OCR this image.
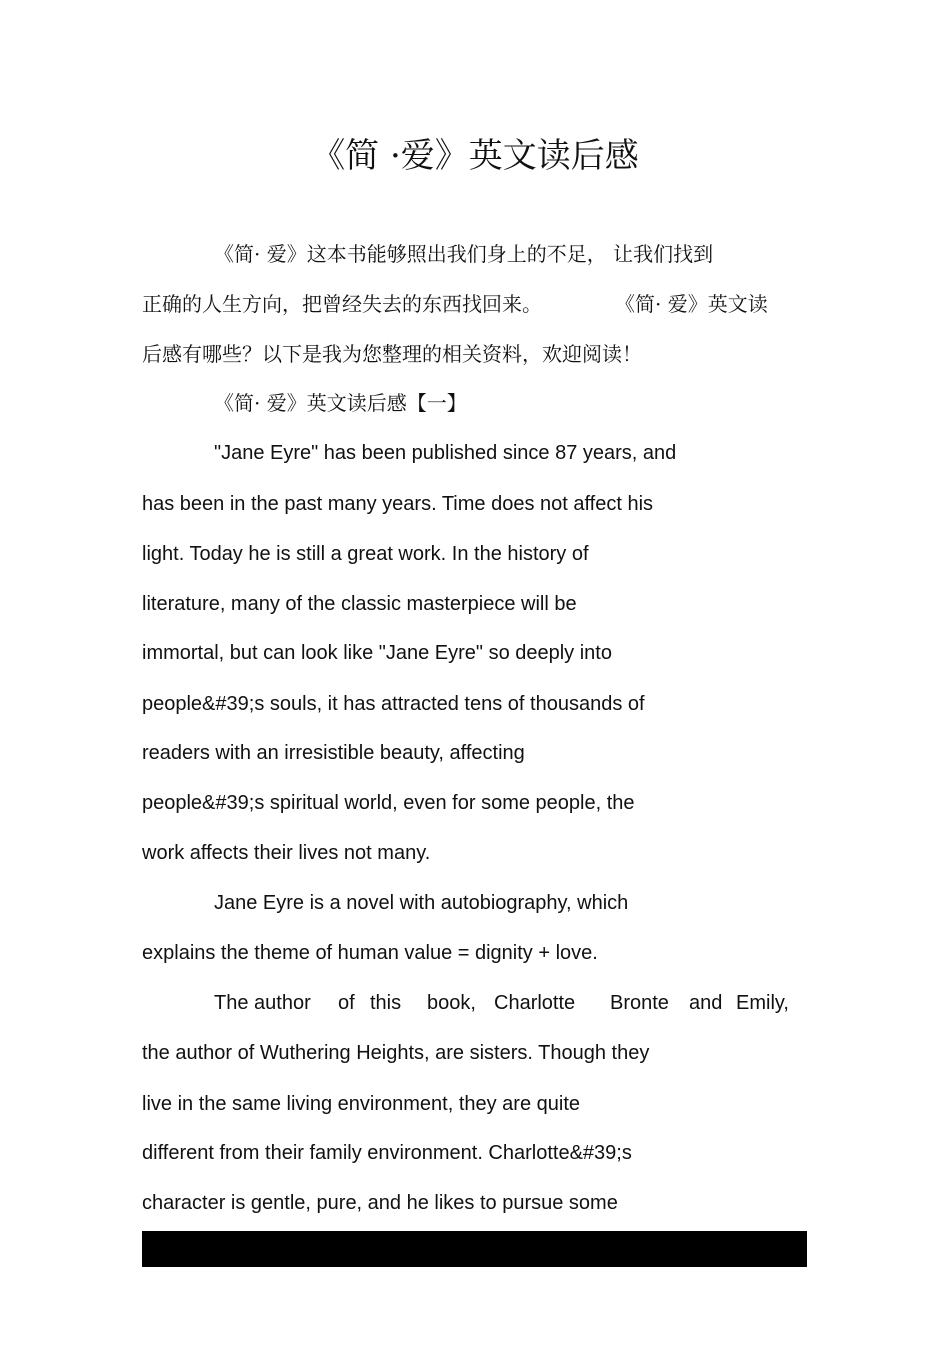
《简 ·爱》英文读后感
《简· 爱》这本书能够照出我们身上的不足， 让我们找到
正确的人生方向，把曾经失去的东西找回来。	《简· 爱》英文读
后感有哪些？以下是我为您整理的相关资料，欢迎阅读！
《简· 爱》英文读后感【一】
"Jane Eyre" has been published since 87 years, and
has been in the past many years. Time does not affect his
light. Today he is still a great work. In the history of
literature, many of the classic masterpiece will be
immortal, but can look like "Jane Eyre" so deeply into
people&#39;s souls, it has attracted tens of thousands of
readers with an irresistible beauty, affecting
people&#39;s spiritual world, even for some people, the
work affects their lives not many.
Jane Eyre is a novel with autobiography, which
explains the theme of human value = dignity + love.
The author of this book, Charlotte Bronte and Emily,
the author of Wuthering Heights, are sisters. Though they
live in the same living environment, they are quite
different from their family environment. Charlotte&#39;s
character is gentle, pure, and he likes to pursue some
